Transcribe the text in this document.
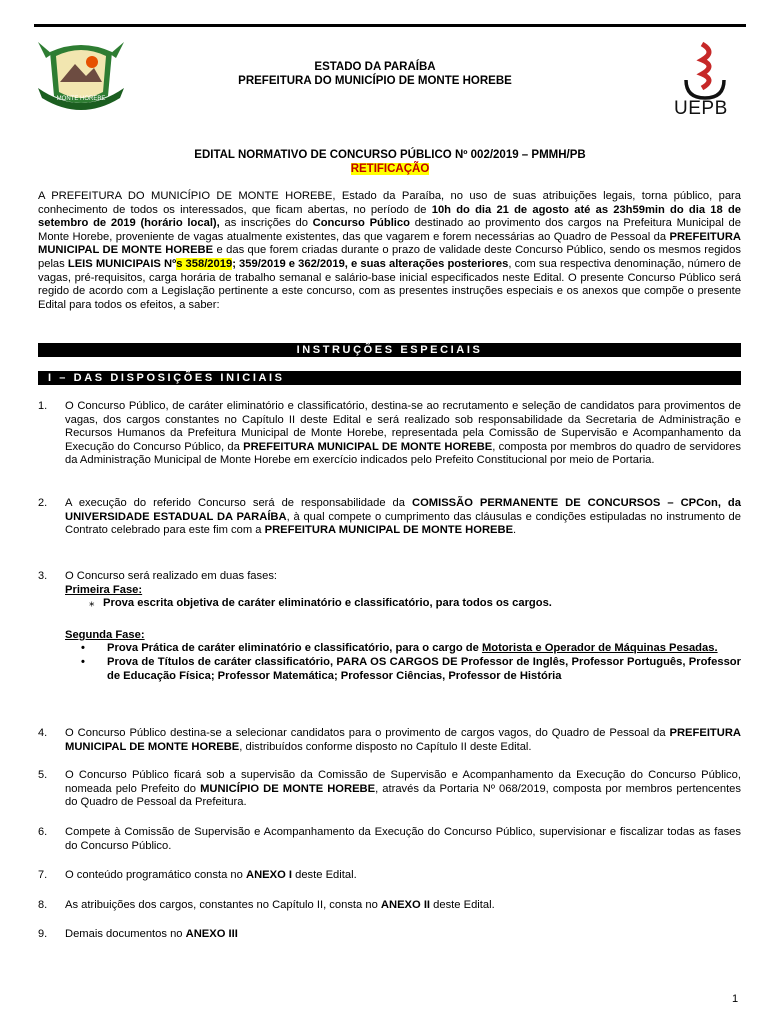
MONTE HOREBE	UEPB
ESTADO DA PARAÍBA
PREFEITURA DO MUNICÍPIO DE MONTE HOREBE
EDITAL NORMATIVO DE CONCURSO PÚBLICO Nº 002/2019 – PMMH/PB
RETIFICAÇÃO
A PREFEITURA DO MUNICÍPIO DE MONTE HOREBE, Estado da Paraíba, no uso de suas atribuições legais, torna público, para conhecimento de todos os interessados, que ficam abertas, no período de 10h do dia 21 de agosto até as 23h59min do dia 18 de setembro de 2019 (horário local), as inscrições do Concurso Público destinado ao provimento dos cargos na Prefeitura Municipal de Monte Horebe, proveniente de vagas atualmente existentes, das que vagarem e forem necessárias ao Quadro de Pessoal da PREFEITURA MUNICIPAL DE MONTE HOREBE e das que forem criadas durante o prazo de validade deste Concurso Público, sendo os mesmos regidos pelas LEIS MUNICIPAIS Nºs 358/2019; 359/2019 e 362/2019, e suas alterações posteriores, com sua respectiva denominação, número de vagas, pré-requisitos, carga horária de trabalho semanal e salário-base inicial especificados neste Edital. O presente Concurso Público será regido de acordo com a Legislação pertinente a este concurso, com as presentes instruções especiais e os anexos que compõe o presente Edital para todos os efeitos, a saber:
INSTRUÇÕES ESPECIAIS
I – DAS DISPOSIÇÕES INICIAIS
1. O Concurso Público, de caráter eliminatório e classificatório, destina-se ao recrutamento e seleção de candidatos para provimentos de vagas, dos cargos constantes no Capítulo II deste Edital e será realizado sob responsabilidade da Secretaria de Administração e Recursos Humanos da Prefeitura Municipal de Monte Horebe, representada pela Comissão de Supervisão e Acompanhamento da Execução do Concurso Público, da PREFEITURA MUNICIPAL DE MONTE HOREBE, composta por membros do quadro de servidores da Administração Municipal de Monte Horebe em exercício indicados pelo Prefeito Constitucional por meio de Portaria.
2. A execução do referido Concurso será de responsabilidade da COMISSÃO PERMANENTE DE CONCURSOS – CPCon, da UNIVERSIDADE ESTADUAL DA PARAÍBA, à qual compete o cumprimento das cláusulas e condições estipuladas no instrumento de Contrato celebrado para este fim com a PREFEITURA MUNICIPAL DE MONTE HOREBE.
3. O Concurso será realizado em duas fases:
Primeira Fase:
⁎ Prova escrita objetiva de caráter eliminatório e classificatório, para todos os cargos.
Segunda Fase:
• Prova Prática de caráter eliminatório e classificatório, para o cargo de Motorista e Operador de Máquinas Pesadas.
• Prova de Títulos de caráter classificatório, PARA OS CARGOS DE Professor de Inglês, Professor Português, Professor de Educação Física; Professor Matemática; Professor Ciências, Professor de História
4. O Concurso Público destina-se a selecionar candidatos para o provimento de cargos vagos, do Quadro de Pessoal da PREFEITURA MUNICIPAL DE MONTE HOREBE, distribuídos conforme disposto no Capítulo II deste Edital.
5. O Concurso Público ficará sob a supervisão da Comissão de Supervisão e Acompanhamento da Execução do Concurso Público, nomeada pelo Prefeito do MUNICÍPIO DE MONTE HOREBE, através da Portaria Nº 068/2019, composta por membros pertencentes do Quadro de Pessoal da Prefeitura.
6. Compete à Comissão de Supervisão e Acompanhamento da Execução do Concurso Público, supervisionar e fiscalizar todas as fases do Concurso Público.
7. O conteúdo programático consta no ANEXO I deste Edital.
8. As atribuições dos cargos, constantes no Capítulo II, consta no ANEXO II deste Edital.
9. Demais documentos no ANEXO III
1
